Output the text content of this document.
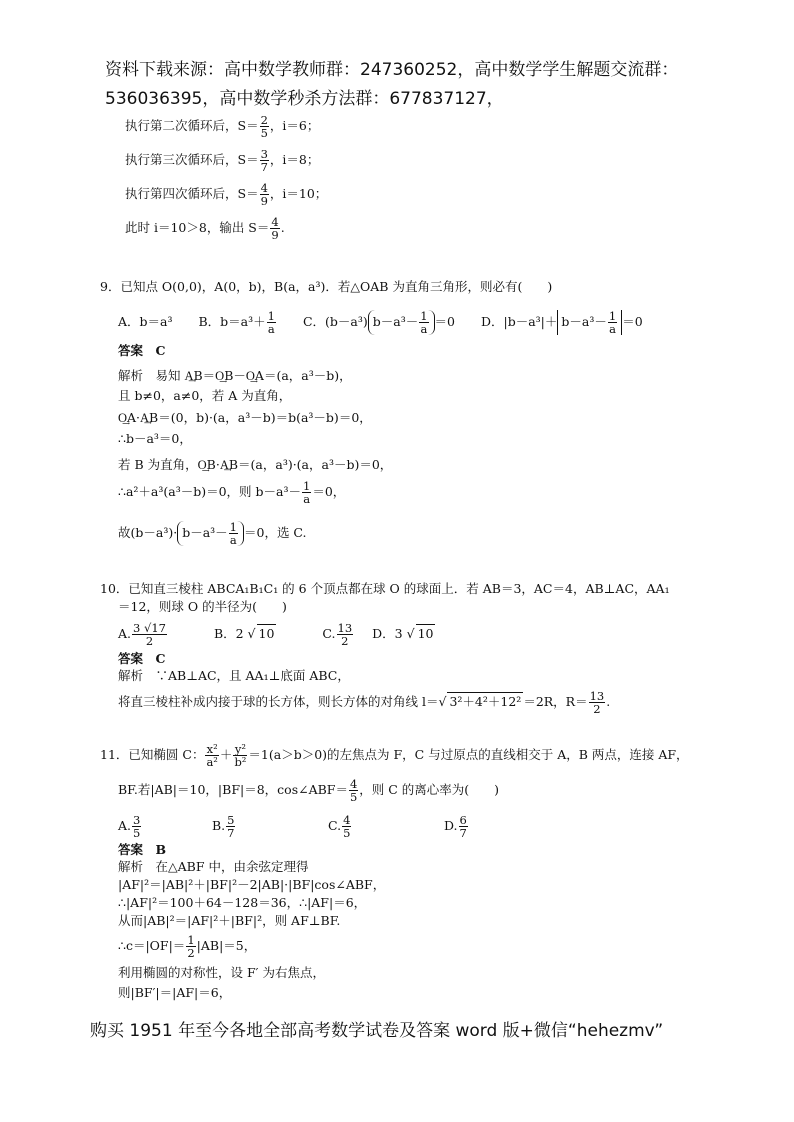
资料下载来源：高中数学教师群：247360252，高中数学学生解题交流群：
536036395，高中数学秒杀方法群：677837127，
执行第二次循环后，$S= \frac{2}{5}$ ，i＝6；
执行第三次循环后，$S= \frac{3}{7}$ ，i＝8；
执行第四次循环后，$S= \frac{4}{9}$ ，i＝10；
此时 i＝10＞8，输出 $S= \frac{4}{9}$ .
9．已知点 O(0,0)，A(0，b)，B(a，a³)．若△OAB 为直角三角形，则必有(　　)
A．b＝a³ B．$b=a^3+ \frac{1}{a}$ C．(b－a³) $b-a^3- \frac{1}{a} =0$ D．$|b-a^3|+ b-a^3- \frac{1}{a} =0$
答案　C
解析　易知 A͢B＝O͢B－O͢A＝(a，a³－b)，
且 b≠0，a≠0，若 A 为直角，
O͢A·A͢B＝(0，b)·(a，a³－b)＝b(a³－b)＝0，
∴b－a³＝0，
若 B 为直角，O͢B·A͢B＝(a，a³)·(a，a³－b)＝0，
∴a²＋a³(a³－b)＝0，则 $b-a^3- \frac{1}{a} =0$，
故$(b-a^3)\cdot b-a^3- \frac{1}{a} =0$，选 C.
10．已知直三棱柱 ABCA₁B₁C₁ 的 6 个顶点都在球 O 的球面上．若 AB＝3，AC＝4，AB⊥AC，AA₁
＝12，则球 O 的半径为(　　)
A. $\frac{3 √17}{2}$	B．2 √ 10	C. $\frac{13}{2}$ D．3 √ 10
答案　C
解析　∵AB⊥AC，且 AA₁⊥底面 ABC，
将直三棱柱补成内接于球的长方体，则长方体的对角线 l＝√ 3²＋4²＋12² ＝2R，$R= \frac{13}{2}$ .
11．已知椭圆 C： $\frac{\text{x²}}{\text{a²}} + \frac{\text{y²}}{\text{b²}} =1(a>b>0)$的左焦点为 F，C 与过原点的直线相交于 A，B 两点，连接 AF，
BF.若|AB|＝10，|BF|＝8，cos∠ABF＝ $\frac{4}{5}$ ，则 C 的离心率为(　　)
A. $\frac{3}{5}$	B. $\frac{5}{7}$	C. $\frac{4}{5}$	D. $\frac{6}{7}$
答案　B
解析　在△ABF 中，由余弦定理得
|AF|²＝|AB|²＋|BF|²－2|AB|·|BF|cos∠ABF，
∴|AF|²＝100＋64－128＝36，∴|AF|＝6，
从而|AB|²＝|AF|²＋|BF|²，则 AF⊥BF.
∴c＝|OF|＝ $\frac{1}{2} |AB|=5$，
利用椭圆的对称性，设 F′ 为右焦点，
则|BF′|＝|AF|＝6，
购买 1951 年至今各地全部高考数学试卷及答案 word 版+微信“hehezmv”
